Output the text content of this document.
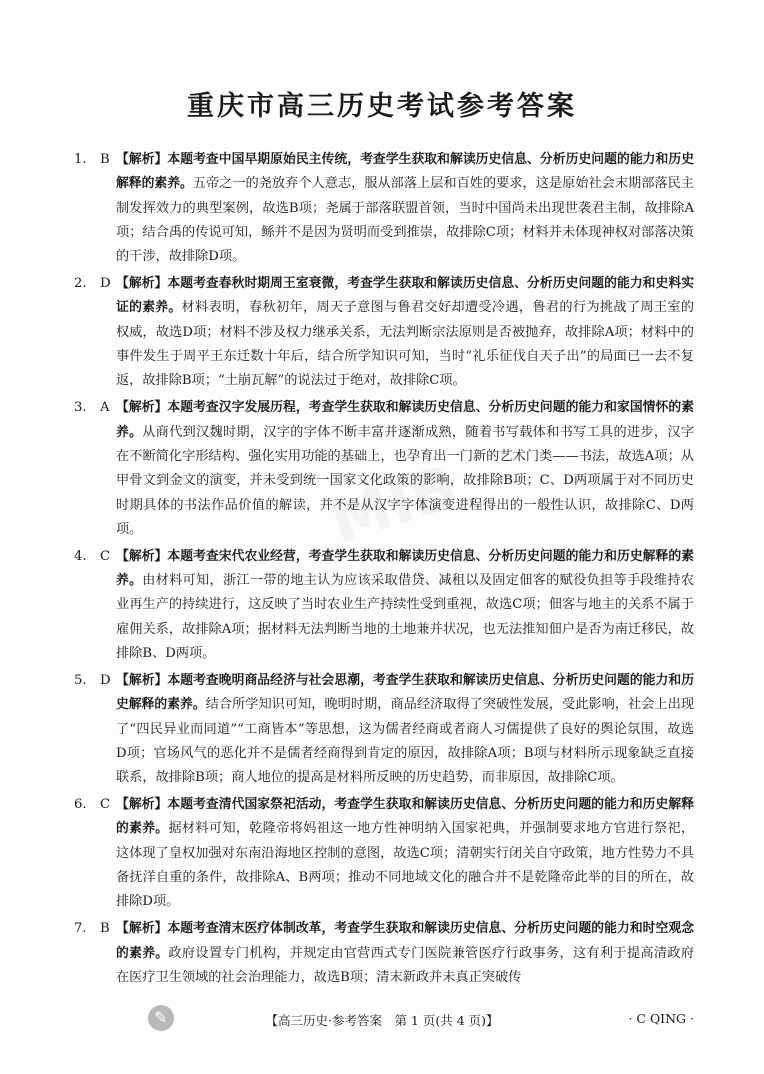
重庆市高三历史考试参考答案
1.	B 【解析】本题考查中国早期原始民主传统，考查学生获取和解读历史信息、分析历史问题的能力和历史解释的素养。五帝之一的尧放弃个人意志，服从部落上层和百姓的要求，这是原始社会末期部落民主制发挥效力的典型案例，故选B项；尧属于部落联盟首领，当时中国尚未出现世袭君主制，故排除A项；结合禹的传说可知，鲧并不是因为贤明而受到推崇，故排除C项；材料并未体现神权对部落决策的干涉，故排除D项。
2.	D 【解析】本题考查春秋时期周王室衰微，考查学生获取和解读历史信息、分析历史问题的能力和史料实证的素养。材料表明，春秋初年，周天子意图与鲁君交好却遭受冷遇，鲁君的行为挑战了周王室的权威，故选D项；材料不涉及权力继承关系，无法判断宗法原则是否被抛弃，故排除A项；材料中的事件发生于周平王东迁数十年后，结合所学知识可知，当时“礼乐征伐自天子出”的局面已一去不复返，故排除B项；“土崩瓦解”的说法过于绝对，故排除C项。
3.	A 【解析】本题考查汉字发展历程，考查学生获取和解读历史信息、分析历史问题的能力和家国情怀的素养。从商代到汉魏时期，汉字的字体不断丰富并逐渐成熟，随着书写载体和书写工具的进步，汉字在不断简化字形结构、强化实用功能的基础上，也孕育出一门新的艺术门类——书法，故选A项；从甲骨文到金文的演变，并未受到统一国家文化政策的影响，故排除B项；C、D两项属于对不同历史时期具体的书法作品价值的解读，并不是从汉字字体演变进程得出的一般性认识，故排除C、D两项。
4.	C 【解析】本题考查宋代农业经营，考查学生获取和解读历史信息、分析历史问题的能力和历史解释的素养。由材料可知，浙江一带的地主认为应该采取借贷、减租以及固定佃客的赋役负担等手段维持农业再生产的持续进行，这反映了当时农业生产持续性受到重视，故选C项；佃客与地主的关系不属于雇佣关系，故排除A项；据材料无法判断当地的土地兼并状况，也无法推知佃户是否为南迁移民，故排除B、D两项。
5.	D 【解析】本题考查晚明商品经济与社会思潮，考查学生获取和解读历史信息、分析历史问题的能力和历史解释的素养。结合所学知识可知，晚明时期，商品经济取得了突破性发展，受此影响，社会上出现了“四民异业而同道”“工商皆本”等思想，这为儒者经商或者商人习儒提供了良好的舆论氛围，故选D项；官场风气的恶化并不是儒者经商得到肯定的原因，故排除A项；B项与材料所示现象缺乏直接联系，故排除B项；商人地位的提高是材料所反映的历史趋势，而非原因，故排除C项。
6.	C 【解析】本题考查清代国家祭祀活动，考查学生获取和解读历史信息、分析历史问题的能力和历史解释的素养。据材料可知，乾隆帝将妈祖这一地方性神明纳入国家祀典，并强制要求地方官进行祭祀，这体现了皇权加强对东南沿海地区控制的意图，故选C项；清朝实行闭关自守政策，地方性势力不具备抚洋自重的条件，故排除A、B两项；推动不同地域文化的融合并不是乾隆帝此举的目的所在，故排除D项。
7.	B 【解析】本题考查清末医疗体制改革，考查学生获取和解读历史信息、分析历史问题的能力和时空观念的素养。政府设置专门机构，并规定由官营西式专门医院兼管医疗行政事务，这有利于提高清政府在医疗卫生领域的社会治理能力，故选B项；清末新政并未真正突破传
✎	【高三历史·参考答案　第 1 页(共 4 页)】	· C QING ·
